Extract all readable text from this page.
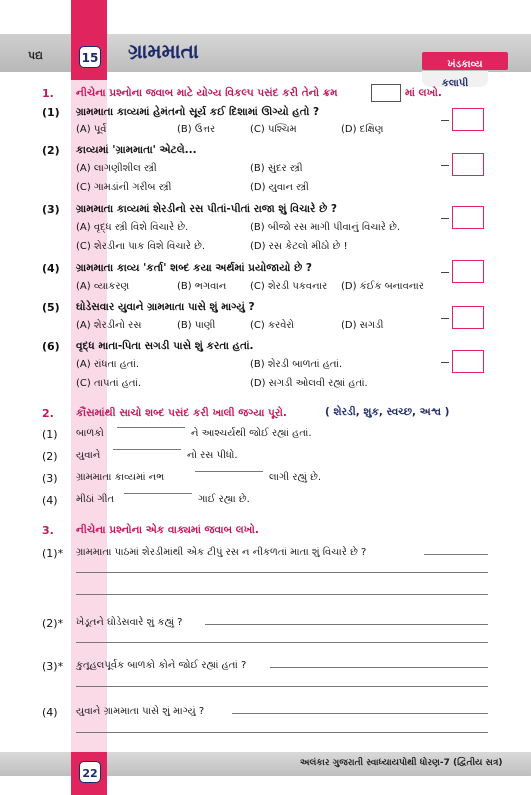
પદ્ય	15 ગ્રામમાતા
ખંડકાવ્ય
કલાપી
1. નીચેના પ્રશ્નોના જવાબ માટે યોગ્ય વિકલ્પ પસંદ કરી તેનો ક્રમ	માં લખો.
(1) ગ્રામમાતા કાવ્યમાં હેમંતનો સૂર્ય કઈ દિશામાં ઊગ્યો હતો ?
(A) પૂર્વ	(B) ઉત્તર	(C) પશ્ચિમ	(D) દક્ષિણ
(2) કાવ્યમાં 'ગ્રામમાતા' એટલે...
(A) લાગણીશીલ સ્ત્રી	(B) સુંદર સ્ત્રી
(C) ગામડાંની ગરીબ સ્ત્રી	(D) યુવાન સ્ત્રી
(3) ગ્રામમાતા કાવ્યમાં શેરડીનો રસ પીતાં-પીતાં રાજા શું વિચારે છે ?
(A) વૃદ્ધ સ્ત્રી વિશે વિચારે છે.	(B) બીજો રસ માગી પીવાનું વિચારે છે.
(C) શેરડીના પાક વિશે વિચારે છે.	(D) રસ કેટલો મીઠો છે !
(4) ગ્રામમાતા કાવ્ય 'કર્તા' શબ્દ કયા અર્થમાં પ્રયોજાયો છે ?
(A) વ્યાકરણ	(B) ભગવાન (C) શેરડી પકવનાર (D) કંઈક બનાવનાર
(5) ઘોડેસવાર યુવાને ગ્રામમાતા પાસે શું માગ્યું ?
(A) શેરડીનો રસ	(B) પાણી	(C) કરવેરો	(D) સગડી
(6) વૃદ્ધ માતા-પિતા સગડી પાસે શું કરતા હતાં.
(A) રાંધતા હતાં.	(B) શેરડી બાળતાં હતાં.
(C) તાપતાં હતાં.	(D) સગડી ઓલવી રહ્યાં હતાં.
2. કૌંસમાંથી સાચો શબ્દ પસંદ કરી ખાલી જગ્યા પૂરો.	( શેરડી, શુક, સ્વચ્છ, અશ્વ )
(1) બાળકો	ને આશ્ચર્યથી જોઈ રહ્યાં હતાં.
(2) યુવાને	નો રસ પીધો.
(3) ગ્રામમાતા કાવ્યમાં નભ	લાગી રહ્યું છે.
(4) મીઠાં ગીત	ગાઈ રહ્યા છે.
3. નીચેના પ્રશ્નોના એક વાક્યમાં જવાબ લખો.
(1)* ગ્રામમાતા પાઠમાં શેરડીમાંથી એક ટીપું રસ ન નીકળતાં માતા શું વિચારે છે ?
(2)* ખેડૂતને ઘોડેસવારે શું કહ્યું ?
(3)* કુતૂહલપૂર્વક બાળકો કોને જોઈ રહ્યાં હતાં ?
(4) યુવાને ગ્રામમાતા પાસે શું માગ્યું ?
22
અલંકાર ગુજરાતી સ્વાધ્યાયપોથી ધોરણ-7 (દ્વિતીય સત્ર)
